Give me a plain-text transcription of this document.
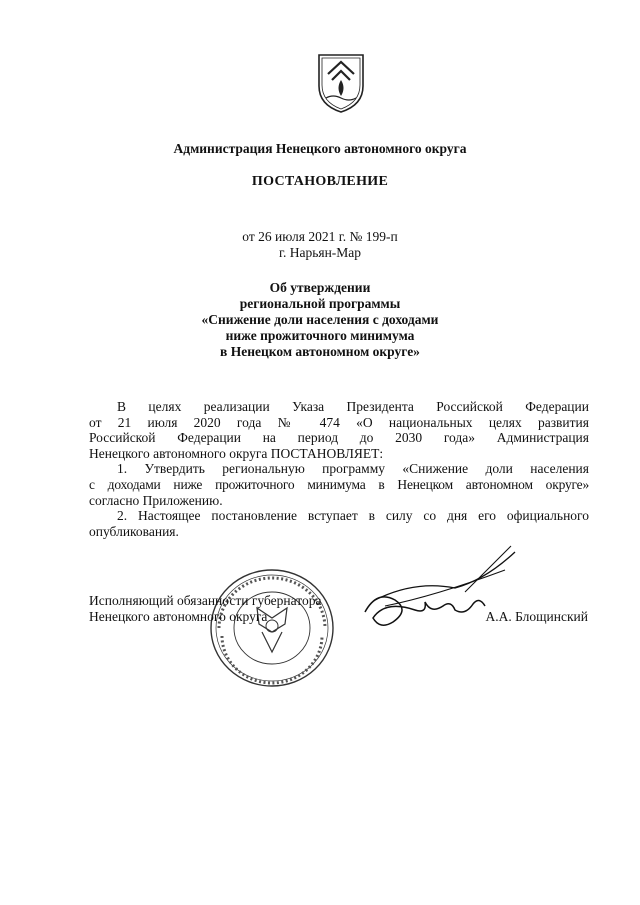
Администрация Ненецкого автономного округа
ПОСТАНОВЛЕНИЕ
от 26 июля 2021 г. № 199-п
г. Нарьян-Мар
Об утверждении
региональной программы
«Снижение доли населения с доходами
ниже прожиточного минимума
в Ненецком автономном округе»

В целях реализации Указа Президента Российской Федерации

от 21 июля 2020 года № 474 «О национальных целях развития

Российской Федерации на период до 2030 года» Администрация

Ненецкого автономного округа ПОСТАНОВЛЯЕТ:

1. Утвердить региональную программу «Снижение доли населения

с доходами ниже прожиточного минимума в Ненецком автономном округе»

согласно Приложению.

2. Настоящее постановление вступает в силу со дня его официального

опубликования.

Исполняющий обязанности губернатора
Ненецкого автономного округа	А.А. Блощинский
